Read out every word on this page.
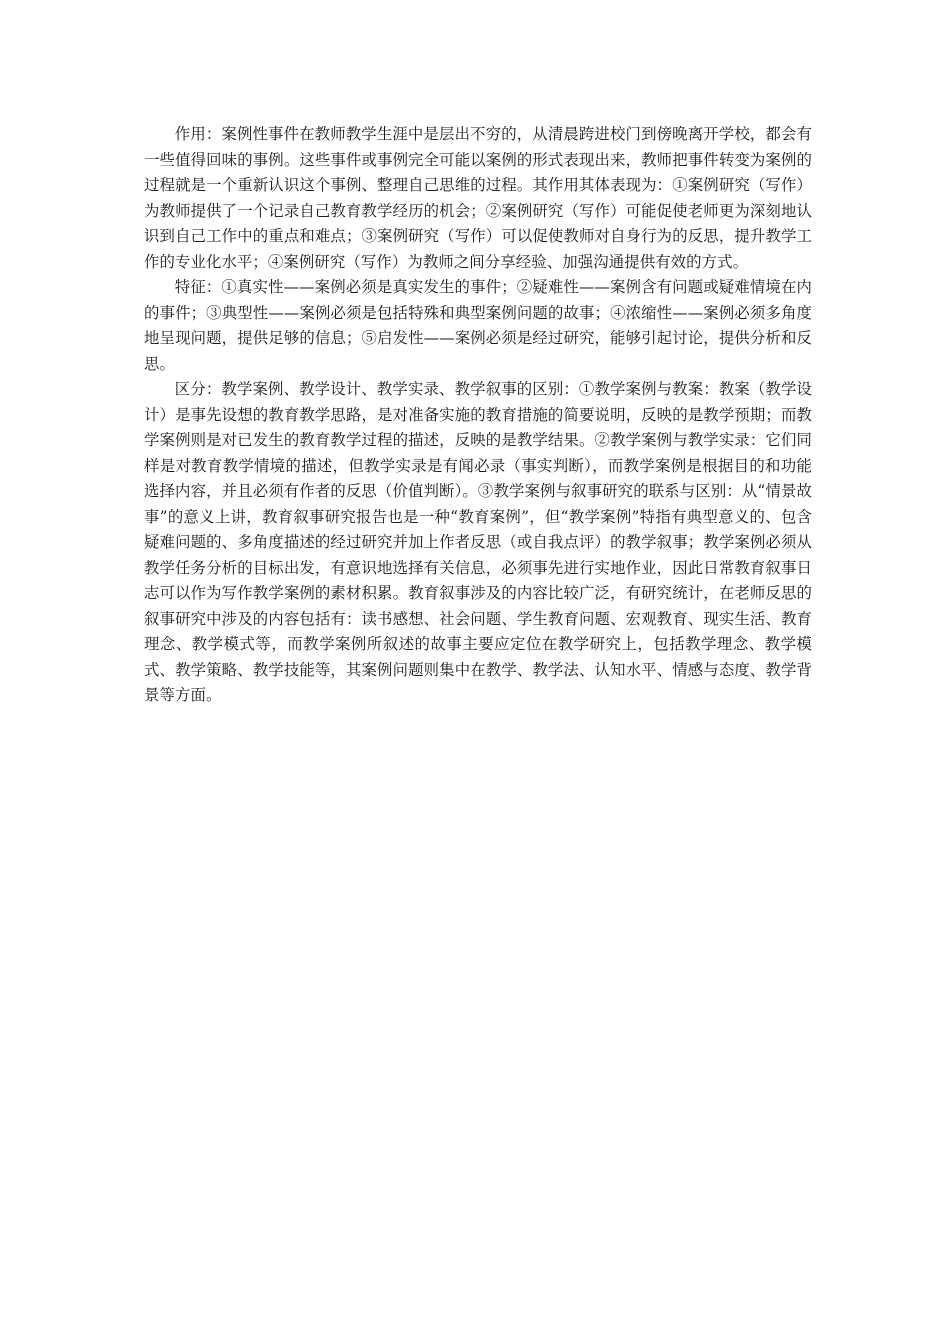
作用：案例性事件在教师教学生涯中是层出不穷的，从清晨跨进校门到傍晚离开学校，都会有一些值得回味的事例。这些事件或事例完全可能以案例的形式表现出来，教师把事件转变为案例的过程就是一个重新认识这个事例、整理自己思维的过程。其作用其体表现为：①案例研究（写作）为教师提供了一个记录自己教育教学经历的机会；②案例研究（写作）可能促使老师更为深刻地认识到自己工作中的重点和难点；③案例研究（写作）可以促使教师对自身行为的反思，提升教学工作的专业化水平；④案例研究（写作）为教师之间分享经验、加强沟通提供有效的方式。

特征：①真实性——案例必须是真实发生的事件；②疑难性——案例含有问题或疑难情境在内的事件；③典型性——案例必须是包括特殊和典型案例问题的故事；④浓缩性——案例必须多角度地呈现问题，提供足够的信息；⑤启发性——案例必须是经过研究，能够引起讨论，提供分析和反思。

区分：教学案例、教学设计、教学实录、教学叙事的区别：①教学案例与教案：教案（教学设计）是事先设想的教育教学思路，是对准备实施的教育措施的简要说明，反映的是教学预期；而教学案例则是对已发生的教育教学过程的描述，反映的是教学结果。②教学案例与教学实录：它们同样是对教育教学情境的描述，但教学实录是有闻必录（事实判断），而教学案例是根据目的和功能选择内容，并且必须有作者的反思（价值判断）。③教学案例与叙事研究的联系与区别：从“情景故事”的意义上讲，教育叙事研究报告也是一种“教育案例”，但“教学案例”特指有典型意义的、包含疑难问题的、多角度描述的经过研究并加上作者反思（或自我点评）的教学叙事；教学案例必须从教学任务分析的目标出发，有意识地选择有关信息，必须事先进行实地作业，因此日常教育叙事日志可以作为写作教学案例的素材积累。教育叙事涉及的内容比较广泛，有研究统计，在老师反思的叙事研究中涉及的内容包括有：读书感想、社会问题、学生教育问题、宏观教育、现实生活、教育理念、教学模式等，而教学案例所叙述的故事主要应定位在教学研究上，包括教学理念、教学模式、教学策略、教学技能等，其案例问题则集中在教学、教学法、认知水平、情感与态度、教学背景等方面。
